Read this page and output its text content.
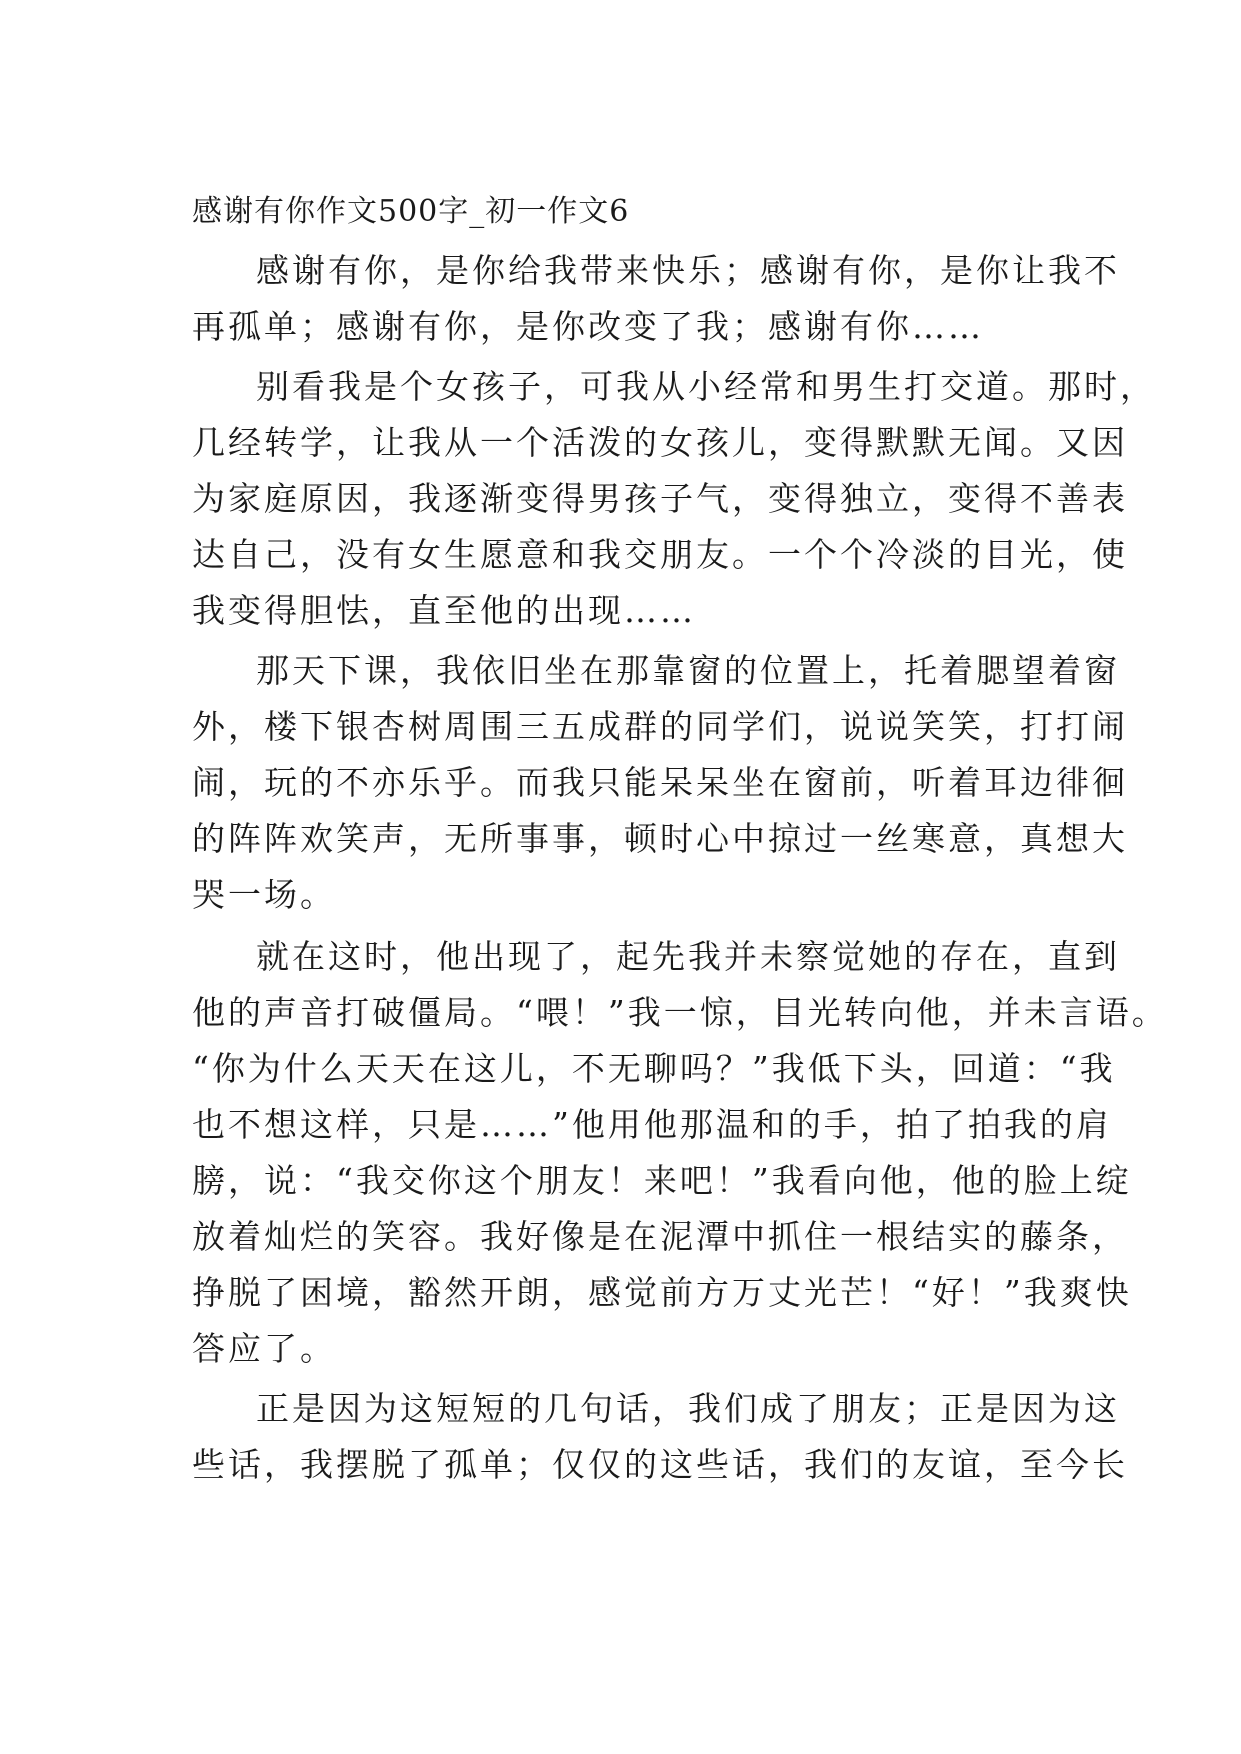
感谢有你作文500字_初一作文6
感谢有你，是你给我带来快乐；感谢有你，是你让我不
再孤单；感谢有你，是你改变了我；感谢有你……
别看我是个女孩子，可我从小经常和男生打交道。那时，
几经转学，让我从一个活泼的女孩儿，变得默默无闻。又因
为家庭原因，我逐渐变得男孩子气，变得独立，变得不善表
达自己，没有女生愿意和我交朋友。一个个冷淡的目光，使
我变得胆怯，直至他的出现……
那天下课，我依旧坐在那靠窗的位置上，托着腮望着窗
外，楼下银杏树周围三五成群的同学们，说说笑笑，打打闹
闹，玩的不亦乐乎。而我只能呆呆坐在窗前，听着耳边徘徊
的阵阵欢笑声，无所事事，顿时心中掠过一丝寒意，真想大
哭一场。
就在这时，他出现了，起先我并未察觉她的存在，直到
他的声音打破僵局。“喂！”我一惊，目光转向他，并未言语。
“你为什么天天在这儿，不无聊吗？”我低下头，回道：“我
也不想这样，只是……”他用他那温和的手，拍了拍我的肩
膀，说：“我交你这个朋友！来吧！”我看向他，他的脸上绽
放着灿烂的笑容。我好像是在泥潭中抓住一根结实的藤条，
挣脱了困境，豁然开朗，感觉前方万丈光芒！“好！”我爽快
答应了。
正是因为这短短的几句话，我们成了朋友；正是因为这
些话，我摆脱了孤单；仅仅的这些话，我们的友谊，至今长
